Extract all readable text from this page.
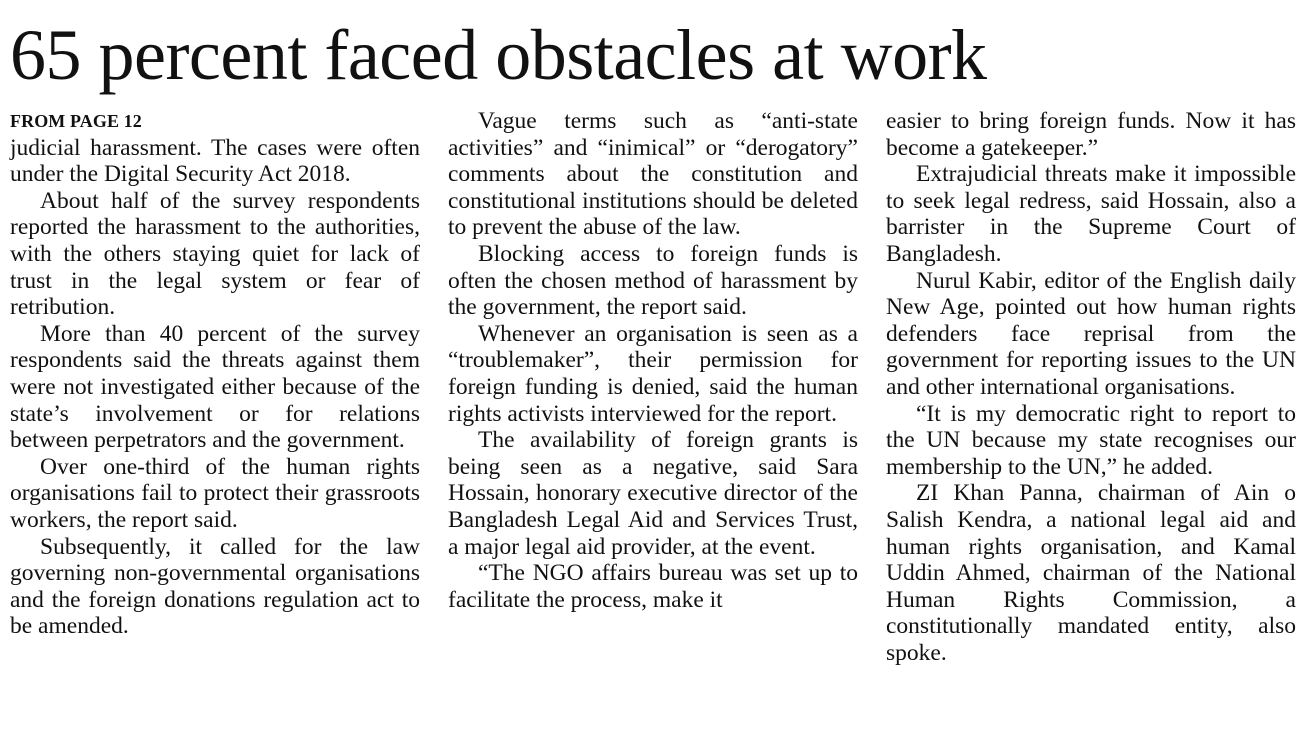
65 percent faced obstacles at work
FROM PAGE 12

judicial harassment. The cases were often under the Digital Security Act 2018.

About half of the survey respondents reported the harassment to the authorities, with the others staying quiet for lack of trust in the legal system or fear of retribution.

More than 40 percent of the survey respondents said the threats against them were not investigated either because of the state’s involvement or for relations between perpetrators and the government.

Over one-third of the human rights organisations fail to protect their grassroots workers, the report said.

Subsequently, it called for the law governing non-governmental organisations and the foreign donations regulation act to be amended.

Vague terms such as “anti-state activities” and “inimical” or “derogatory” comments about the constitution and constitutional institutions should be deleted to prevent the abuse of the law.

Blocking access to foreign funds is often the chosen method of harassment by the government, the report said.

Whenever an organisation is seen as a “troublemaker”, their permission for foreign funding is denied, said the human rights activists interviewed for the report.

The availability of foreign grants is being seen as a negative, said Sara Hossain, honorary executive director of the Bangladesh Legal Aid and Services Trust, a major legal aid provider, at the event.

“The NGO affairs bureau was set up to facilitate the process, make it

easier to bring foreign funds. Now it has become a gatekeeper.”

Extrajudicial threats make it impossible to seek legal redress, said Hossain, also a barrister in the Supreme Court of Bangladesh.

Nurul Kabir, editor of the English daily New Age, pointed out how human rights defenders face reprisal from the government for reporting issues to the UN and other international organisations.

“It is my democratic right to report to the UN because my state recognises our membership to the UN,” he added.

ZI Khan Panna, chairman of Ain o Salish Kendra, a national legal aid and human rights organisation, and Kamal Uddin Ahmed, chairman of the National Human Rights Commission, a constitutionally mandated entity, also spoke.
